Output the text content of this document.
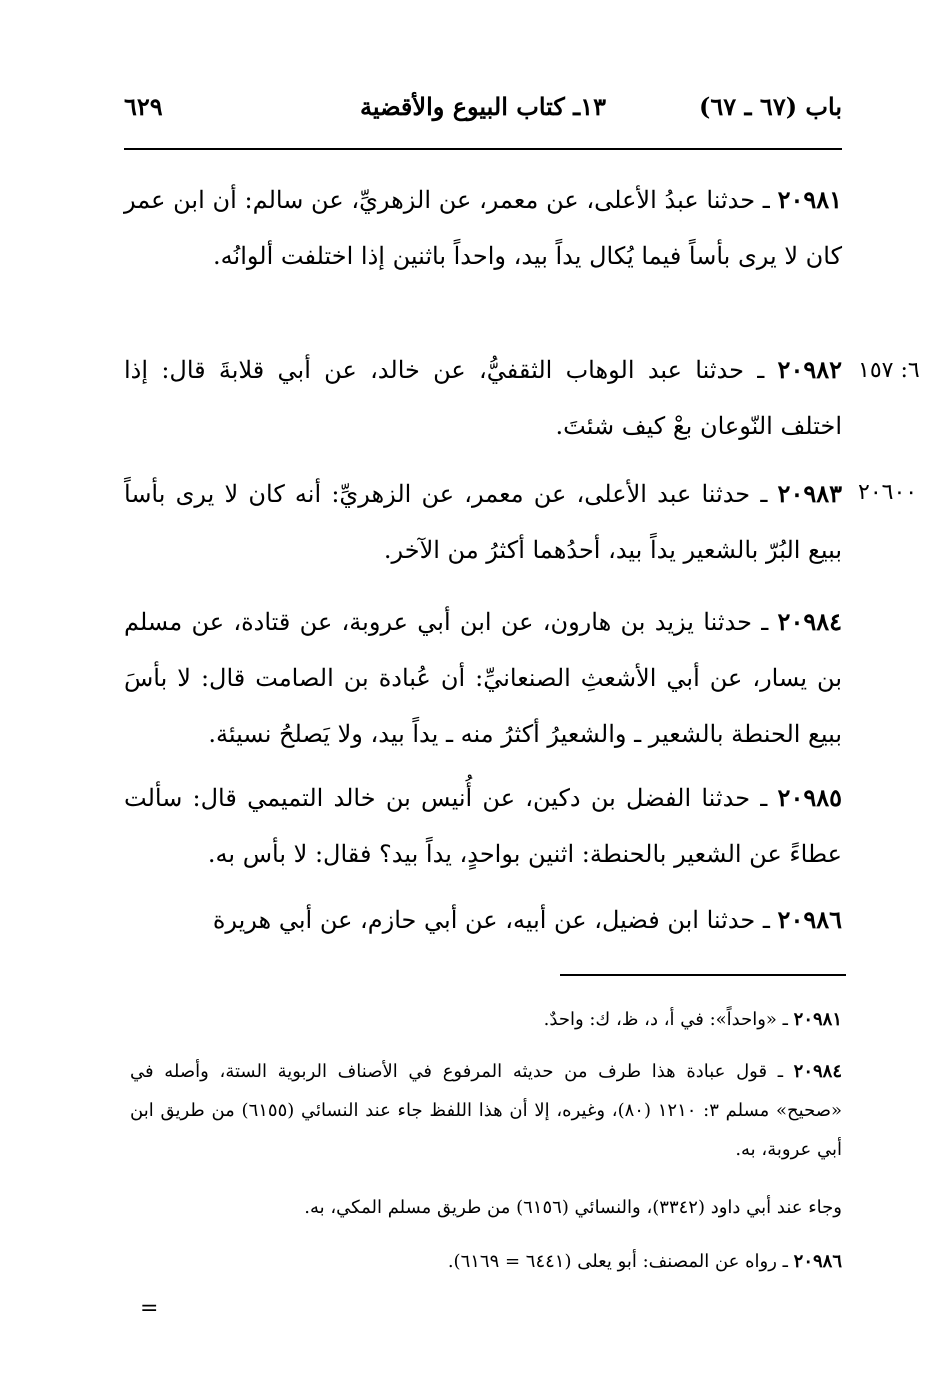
٦٢٩	١٣ـ كتاب البيوع والأقضية	باب (٦٧ ـ ٦٧)
٢٠٩٨١ ـ حدثنا عبدُ الأعلى، عن معمر، عن الزهريِّ، عن سالم: أن ابن عمر كان لا يرى بأساً فيما يُكال يداً بيد، واحداً باثنين إذا اختلفت ألوانُه.
٦: ١٥٧
٢٠٩٨٢ ـ حدثنا عبد الوهاب الثقفيُّ، عن خالد، عن أبي قلابةَ قال: إذا اختلف النّوعان بعْ كيف شئتَ.
٢٠٦٠٠
٢٠٩٨٣ ـ حدثنا عبد الأعلى، عن معمر، عن الزهريِّ: أنه كان لا يرى بأساً ببيع البُرّ بالشعير يداً بيد، أحدُهما أكثرُ من الآخر.
٢٠٩٨٤ ـ حدثنا يزيد بن هارون، عن ابن أبي عروبة، عن قتادة، عن مسلم بن يسار، عن أبي الأشعثِ الصنعانيِّ: أن عُبادة بن الصامت قال: لا بأسَ ببيع الحنطة بالشعير ـ والشعيرُ أكثرُ منه ـ يداً بيد، ولا يَصلحُ نسيئة.
٢٠٩٨٥ ـ حدثنا الفضل بن دكين، عن أُنيس بن خالد التميمي قال: سألت عطاءً عن الشعير بالحنطة: اثنين بواحدٍ، يداً بيد؟ فقال: لا بأس به.
٢٠٩٨٦ ـ حدثنا ابن فضيل، عن أبيه، عن أبي حازم، عن أبي هريرة
٢٠٩٨١ ـ «واحداً»: في أ، د، ظ، ك: واحدٌ.
٢٠٩٨٤ ـ قول عبادة هذا طرف من حديثه المرفوع في الأصناف الربوية الستة، وأصله في «صحيح» مسلم ٣: ١٢١٠ (٨٠)، وغيره، إلا أن هذا اللفظ جاء عند النسائي (٦١٥٥) من طريق ابن أبي عروبة، به.
وجاء عند أبي داود (٣٣٤٢)، والنسائي (٦١٥٦) من طريق مسلم المكي، به.
٢٠٩٨٦ ـ رواه عن المصنف: أبو يعلى (٦٤٤١ = ٦١٦٩).
=
